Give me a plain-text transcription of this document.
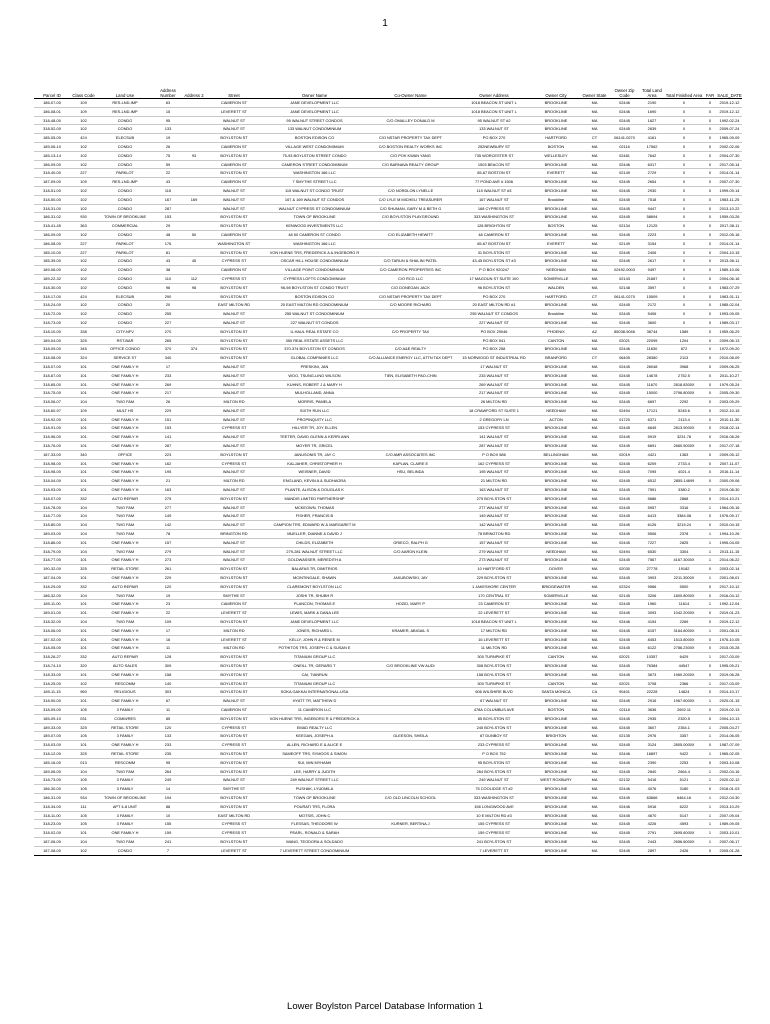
1
Parcel ID	Class Code	Land Use	Address Number	Address 2	Street	Owner Name	Co-Owner Name	Owner Address	Owner City	Owner State	Owner Zip Code	Total Land Area	Total Finished Area	FAR	SALE_DATE
186-07-00	109	RES-LND-IMP	63		CAMERON ST	JANE DEVELOPMENT LLC		1018 BEACON ST UNIT L	BROOKLINE	MA	02446	2190	0	0	2019-12-12
186-08-01	109	RES-LND-IMP	15		LEVERETT ST	JANE DEVELOPMENT LLC		1018 BEACON ST UNIT L	BROOKLINE	MA	02446	1690	0	0	2019-12-12
318-48-00	102	CONDO	95		WALNUT ST	95 WALNUT STREET CONDOS	C/O OMALLEY DONALD M	95 WALNUT ST #2	BROOKLINE	MA	02445	1627	0	0	1992-02-24
318-52-00	102	CONDO	133		WALNUT ST	133 WALNUT CONDOMINIUM		133 WALNUT ST	BROOKLINE	MA	02445	2639	0	0	2009-07-24
185-05-00	424	ELECSUB	19		BOYLSTON ST	BOSTON EDISON CO	C/O NSTAR PROPERTY TAX DEPT	PO BOX 270	HARTFORD	CT	06141-0270	4161	0	0	1965-09-09
189-06-10	102	CONDO	26		CAMERON ST	VILLAGE WEST CONDOMINIUM	C/O BOSTON REALTY WORKS INC	252NEWBURY ST	BOSTON	MA	02116	17562	0	0	2002-02-06
185-13-14	102	CONDO	75	93	BOYLSTON ST	75-93 BOYLSTON STREET CONDO	C/O POK KWAN YANG	735 WORCESTER ST	WELLESLEY	MA	02481	7642	0	0	2004-07-30
186-09-00	102	CONDO	59		CAMERON ST	CAMERON STREET CONDOMINIUM	C/O BARNAVA REALTY GROUP	1503 BEACON ST	BROOKLINE	MA	02446	6317	0	0	2017-05-14
318-40-00	227	PARKLOT	22		BOYLSTON ST	WASHINGTON 166 LLC		65-67 BOSTON ST	EVERETT	MA	02149	2729	0	0	2014-01-14
187-09-00	109	RES-LND-IMP	43		CAMERON ST	7 SMYTHE STREET LLC		77 POND AVE # 1506	BROOKLINE	MA	02445	2654	0	0	2007-07-30
318-51-00	102	CONDO	115		WALNUT ST	115 WALNUT ST CONDO TRUST	C/O NORDLON LYNELLE	115 WALNUT ST #3	BROOKLINE	MA	02445	2930	0	0	1999-09-14
318-50-00	102	CONDO	167	169	WALNUT ST	167 & 169 WALNUT ST CONDOS	C/O LYLE M MICHELI TREASURER	167 WALNUT ST	Brookline	MA	02445	7518	0	0	1983-11-25
318-31-00	102	CONDO	287		WALNUT ST	WALNUT CYPRESS ST CONDOMINIUM	C/O SHUMAN, GARY M & BETH G	168 CYPRESS ST	BROOKLINE	MA	02445	9447	0	0	2013-10-22
186-31-02	930	TOWN OF BROOKLINE	153		BOYLSTON ST	TOWN OF BROOKLINE	C/O BOYLSTON PLAYGROUND	333 WASHINGTON ST	BROOKLINE	MA	02445	58694	0	0	1959-03-26
318-41-45	363	COMMERCIAL	29		BOYLSTON ST	KENWOOD INVESTMENTS LLC		128 BRIGHTON ST	BOSTON	MA	02134	12125	0	0	2017-08-11
186-09-00	102	CONDO	48	50	CAMERON ST	48 50 CAMERON ST CONDO	C/O ELIZABETH HEWITT	48 CAMERON ST	BROOKLINE	MA	02445	2223	0	0	2012-05-16
186-08-00	227	PARKLOT	176		WASHINGTON ST	WASHINGTON 166 LLC		65-67 BOSTON ST	EVERETT	MA	02149	3154	0	0	2014-01-14
185-10-00	227	PARKLOT	81		BOYLSTON ST	VON HUENE TRS, FREDERICK A & INGEBORG R		31 BOYLSTON ST	BROOKLINE	MA	02445	2406	0	0	2004-10-15
185-39-00	102	CONDO	43	45	CYPRESS ST	OSCAR HILL HOUSE CONDOMINIUM	C/O TARUN & SHALINI PATEL	43-45 BOYLSTON ST #3	BROOKLINE	MA	02445	2617	0	0	2013-06-11
189-06-00	102	CONDO	38		CAMERON ST	VILLAGE POINT CONDOMINIUM	C/O CAMERON PROPERTIES INC	P O BOX 920247	NEEDHAM	MA	02492-0003	9497	0	0	1989-10-06
189-22-32	102	CONDO	110	112	CYPRESS ST	CYPRESS LOFTS CONDOMINIUM	C/O RCG LLC	17 MAGOUN ST SUITE 100	SOMERVILLE	MA	02143	21687	0	0	2004-06-16
318-30-00	102	CONDO	96	98	BOYLSTON ST	96-98 BOYLSTON ST CONDO TRUST	C/O DONEGAN JACK	96 BOYLSTON ST	WALDEN	MA	02148	3597	0	0	1983-07-29
318-17-00	424	ELECSUB	290		BOYLSTON ST	BOSTON EDISON CO	C/O NSTAR PROPERTY TAX DEPT	PO BOX 270	HARTFORD	CT	06141-0270	15509	0	0	1963-01-11
318-24-00	102	CONDO	20		EAST MILTON RD	20 EAST MILTON RD CONDOMINIUM	C/O MOORE RICHARD	20 EAST MILTON RD #1	BROOKLINE	MA	02445	2172	0	0	1985-02-04
318-72-00	102	CONDO	255		WALNUT ST	255 WALNUT ST CONDOMINIUM		255 WALNUT ST CONDOS	Brookline	MA	02445	5406	0	0	1993-09-05
318-73-00	102	CONDO	227		WALNUT ST	227 WALNUT ST CONDOS		227 WALNUT ST	BROOKLINE	MA	02445	3600	0	0	1989-03-17
318-10-00	338	CITY-NFV	270		BOYLSTON ST	U-HAUL REAL ESTATE CO	C/O PROPERTY TAX	PO BOX 29046	PHOENIX	AZ	85038-9046	38744	1589	0	1959-06-29
189-04-00	325	RST-BAR	265		BOYLSTON ST	350 REAL ESTATE ASSETS LLC		PO BOX 541	CANTON	MA	02021	22095	1204	0	2009-06-13
318-09-00	345	OFFICE CONDO	370	374	BOYLSTON ST	370-374 BOYLSTON ST CONDOS	C/O A&E REALTY	PO BOX 258	BROOKLINE	MA	02446	11630	872	0	1972-09-20
318-08-00	324	SERVICE ST	340		BOYLSTON ST	GLOBAL COMPANIES LLC	C/O ALLIANCE ENERGY LLC, ATTN TAX DEPT	15 NORWOOD ST INDUSTRIAL RD	BRANFORD	CT	06405	28380	2113	0	2010-08-09
318-07-00	101	ONE FAMILY H	17		WALNUT ST	PRESKINI, JAN		17 WALNUT ST	BROOKLINE	MA	02445	26048	3968	0	2009-06-25
318-67-00	101	ONE FAMILY H	233		WALNUT ST	WOO, TSUNG-LING WILSON	TIEN, ELISABETH PAO-CHIN	233 WALNUT ST	BROOKLINE	MA	02445	14678	2752.5	0	2011-10-27
318-65-00	101	ONE FAMILY H	269		WALNUT ST	KUHNS, ROBERT J & MARY H		269 WALNUT ST	BROOKLINE	MA	02445	11670	2818.8300X	0	1979-05-24
318-75-00	101	ONE FAMILY H	217		WALNUT ST	MULHOLLAND, ANNA		217 WALNUT ST	BROOKLINE	MA	02445	15000	2796.8000X	0	2005-09-30
318-06-07	104	TWO FAM	26		MILTON RD	MORRIS, PAMELA		26 MILTON RD	BROOKLINE	MA	02445	6697	2292	0	2003-09-29
318-60-97	109	MULT HS	229		WALNUT ST	SIXTH RUN LLC		18 CRAWFORD ST SUITE 1	NEEDHAM	MA	02494	17121	5245.6	0	2012-10-15
318-92-00	101	ONE FAMILY H	151		WALNUT ST	PROPINQUITY LLC		2 GREGORY LN	ACTON	MA	01720	6371	2113.4	0	2010-11-30
318-91-00	101	ONE FAMILY H	153		CYPRESS ST	HILLYER TR, JOY ELLEN		153 CYPRESS ST	BROOKLINE	MA	02445	6645	2813.9000X	0	2018-02-14
318-96-00	101	ONE FAMILY H	141		WALNUT ST	TEETER, DAVID GLENN & KERRI ANN		141 WALNUT ST	BROOKLINE	MA	02445	5919	3231.78	0	2016-08-26
318-76-00	101	ONE FAMILY H	287		WALNUT ST	MOYER TR, GRICEL		287 WALNUT ST	BROOKLINE	MA	02445	6691	2660.5000X	0	2017-07-18
187-33-00	340	OFFICE	223		BOYLSTON ST	JANUSONIS TR, JAY C	C/O AMR ASSOCIATES INC	P O BOX 586	BELLINGHAM	MA	02019	4421	1363	0	2009-05-12
318-98-00	101	ONE FAMILY H	162		CYPRESS ST	KALJAHER, CHRISTOPHER H	KAPLAN, CLAIRE E	162 CYPRESS ST	BROOKLINE	MA	02445	6209	2733.4	0	2007-11-07
318-98-00	101	ONE FAMILY H	195		WALNUT ST	WEISNER, DAVID	HSU, BELINDA	195 WALNUT ST	BROOKLINE	MA	02445	7095	4021.4	0	2016-11-14
318-04-00	101	ONE FAMILY H	21		MILTON RD	ENGLAND, KEVIN A & SUDHAGRA		21 MILTON RD	BROOKLINE	MA	02445	6512	2855.14699	0	2000-09-06
318-93-00	101	ONE FAMILY H	163		WALNUT ST	PLANTE, ALISON & DOUGLAS K		163 WALNUT ST	BROOKLINE	MA	02445	7591	3380.2	0	2019-08-30
318-07-00	332	AUTO REPAIR	275		BOYLSTON ST	MANDIS LIMITED PARTNERSHIP		275 BOYLSTON ST	BROOKLINE	MA	02445	5686	2868	0	2014-10-21
318-78-00	104	TWO FAM	277		WALNUT ST	MCKEOWN, THOMAS		277 WALNUT ST	BROOKLINE	MA	02445	5957	3316	1	1964-05-16
318-77-00	104	TWO FAM	149		WALNUT ST	FISHER, FRANCIS B		149 WALNUT ST	BROOKLINE	MA	02445	6413	3384.08	0	1976-09-17
318-80-00	104	TWO FAM	142		WALNUT ST	CAMPION TRS, EDWARD W & MARGARET M		142 WALNUT ST	BROOKLINE	MA	02445	6126	3215.24	0	2010-04-15
189-03-00	104	TWO FAM	78		BRINGTON RD	MUELLER, DIANNE & DAVID J		78 BRINGTON RD	BROOKLINE	MA	02445	5506	2378	1	1994-10-26
318-86-00	101	ONE FAMILY H	157		WALNUT ST	CHILDS, ELIZABETH	GRIECO, RALPH G	157 WALNUT ST	BROOKLINE	MA	02445	7227	2825	1	1995-04-05
318-79-00	104	TWO FAM	279		WALNUT ST	279-281 WALNUT STREET LLC	C/O AARON KLEIN	279 WALNUT ST	NEEDHAM	MA	02494	6530	3304	1	2013-11-15
318-77-00	101	ONE FAMILY H	273		WALNUT ST	GOLDWASSER, MEREDITH A		273 WALNUT ST	BROOKLINE	MA	02445	7567	4167.3000X	1	2014-06-22
190-32-00	325	RETAIL STORE	261		BOYLSTON ST	BALAFAS TR, DIMITRIOS		10 HARTFORD ST	DOVER	MA	02030	27778	19182	0	2003-02-14
187-04-00	101	ONE FAMILY H	229		BOYLSTON ST	MCINTINGALE, SHAWN	JAKUBOWSKI, JAY	229 BOYLSTON ST	BROOKLINE	MA	02445	3903	2211.3000X	1	2001-08-01
318-29-00	332	AUTO REPAIR	120		BOYLSTON ST	CLAREMONT BOYLSTON LLC		1 JAKESHORE CENTER	BRIDGEWATER	MA	02324	9566	5500	0	2017-10-12
186-32-00	104	TWO FAM	19		SMYTHE ST	JOSHI TR, SHUBH R		170 CENTRAL ST	SOMERVILLE	MA	02145	3206	1800.8000X	0	2016-04-12
189-11-00	101	ONE FAMILY H	23		CAMERON ST	PLANCON, THOMAS E	HOZID, MARY P	23 CAMERON ST	BROOKLINE	MA	02445	1960	11614	1	1992-12-04
189-01-00	101	ONE FAMILY H	22		LEVERETT ST	LEWIS, MARK & DANA LEE		22 LEVERETT ST	BROOKLINE	MA	02445	3093	1042.2000X	0	2019-01-23
318-32-00	104	TWO FAM	109		BOYLSTON ST	JANE DEVELOPMENT LLC		1018 BEACON ST UNIT L	BROOKLINE	MA	02446	4154	2269	0	2019-12-12
318-06-00	101	ONE FAMILY H	17		MILTON RD	JONES, RICHARD L	KRAMER, ABIGAIL S	17 MILTON RD	BROOKLINE	MA	02445	6157	3164.8000X	1	2001-08-31
187-02-00	101	ONE FAMILY H	16		LEVERETT ST	KELLY, JOHN R & RENEE M		16 LEVERETT ST	BROOKLINE	MA	02445	8453	1513.8000X	0	1976-10-05
318-05-00	101	ONE FAMILY H	11		MILTON RD	POTHITOS TRS, JOSEPH C & SUSAN E		11 MILTON RD	BROOKLINE	MA	02445	6122	2786.2300X	0	2015-05-28
318-26-27	332	AUTO REPAIR	128		BOYLSTON ST	TITANIUM GROUP LLC		300 TURNPIKE ST	CANTON	MA	02021	10357	6429	1	2017-03-09
318-74-10	320	AUTO SALES	309		BOYLSTON ST	ONEILL TR, GERARD T	C/O BROOKLINE VW AUDI	308 BOYLSTON ST	BROOKLINE	MA	02445	76384	44547	0	1995-09-21
318-33-00	101	ONE FAMILY H	158		BOYLSTON ST	CAI, TIANRUN		158 BOYLSTON ST	BROOKLINE	MA	02445	3673	1960.2000X	0	2019-06-28
318-25-00	102	RESCOMM	140		BOYLSTON ST	TITANIUM GROUP LLC		300 TURNPIKE ST	CANTON	MA	02021	3708	2366	1	2017-03-09
189-11-15	960	RELIGIOUS	303		BOYLSTON ST	SOKA GAKKAI INTERNATIONAL-USA		606 WILSHIRE BLVD	SANTA MONICA	CA	90401	22228	14824	0	2014-10-17
318-90-00	101	ONE FAMILY H	67		WALNUT ST	HYATT TR, MATTHEW D		67 WALNUT ST	BROOKLINE	MA	02445	2916	1967.6000X	1	2020-01-15
318-09-00	105	3 FAMILY	11		CAMERON ST	11 CAMERON LLC		478A COLUMBUS AVE	BOSTON	MA	02118	3636	2692.11	0	2019-02-13
185-09-10	031	COMM/RES	85		BOYLSTON ST	VON HUENE TRS, INGEBORG R & FREDERICK A		85 BOYLSTON ST	BROOKLINE	MA	02445	2935	2320.5	0	2004-10-13
189-33-00	325	RETAIL STORE	120		CYPRESS ST	EMAD REALTY LLC		245 BOYLSTON ST	BROOKLINE	MA	02445	3607	2354.1	1	2005-04-27
189-07-00	105	3 FAMILY	133		BOYLSTON ST	KEEGAN, JOSEPH A	GLEESON, SHEILA	67 DUNBOY ST	BRIGHTON	MA	02135	2976	3357	1	2014-06-05
318-03-00	101	ONE FAMILY H	233		CYPRESS ST	ALLEN, RICHARD E & ALICE E		233 CYPRESS ST	BROOKLINE	MA	02445	3124	2805.0000X	0	1987-07-09
318-12-00	325	RETAIL STORE	235		BOYLSTON ST	SAMEOFF TRS, SYMOOS & SIMON		P O BOX 752	BROOKLINE	MA	02446	16897	9422	1	1965-02-05
185-16-00	013	RESCOMM	95		BOYLSTON ST	SUI, MIN MYHANH		95 BOYLSTON ST	BROOKLINE	MA	02445	2390	2253	0	2003-10-08
189-06-00	104	TWO FAM	264		BOYLSTON ST	LEE, HARRY & JUDITH		264 BOYLSTON ST	BROOKLINE	MA	02445	2840	2664.4	1	2002-04-16
318-73-00	105	3 FAMILY	249		WALNUT ST	249 WALNUT STREET LLC		249 WALNUT ST	WEST ROXBURY	MA	02132	5416	5121	1	2020-02-12
186-30-00	105	3 FAMILY	14		SMYTHE ST	PUSHAK, LYUDMILA		75 COOLIDGE ST #2	BROOKLINE	MA	02446	4076	3180	0	2018-01-03
186-31-00	934	TOWN OF BROOKLINE	194		BOYLSTON ST	TOWN OF BROOKLINE	C/O OLD LINCOLN SCHOOL	333 WASHINGTON ST	BROOKLINE	MA	02445	63666	6464.16	1	2012-04-30
318-34-00	111	APT 4-8 UNIT	88		BOYLSTON ST	POURATI TRS, FLORA		156 LONGWOOD AVE	BROOKLINE	MA	02446	5916	6222	1	2013-10-29
318-11-00	105	3 FAMILY	10		EAST MILTON RD	MOTSIS, JOHN C		10 E MILTON RD #3	BROOKLINE	MA	02445	4670	5147	1	2007-09-04
318-23-00	105	3 FAMILY	155		CYPRESS ST	FLESSAS, THEODORE W	KURNER, BERTINA J	155 CYPRESS ST	BROOKLINE	MA	02445	4226	4593	1	1989-09-05
318-02-00	101	ONE FAMILY H	159		CYPRESS ST	PEARL, RONALD & SARAH		159 CYPRESS ST	BROOKLINE	MA	02445	2791	2695.6000X	1	2003-10-01
187-06-00	104	TWO FAM	241		BOYLSTON ST	WANG, TEODORA & SOLDADO		241 BOYLSTON ST	BROOKLINE	MA	02445	2443	2656.6000X	1	2007-06-17
187-08-00	102	CONDO	7		LEVERETT ST	7 LEVERETT STREET CONDOMINIUM		7 LEVERETT ST	BROOKLINE	MA	02445	2897	2426	0	2005-01-28
Lower Boylston Parcel Database Information 1
